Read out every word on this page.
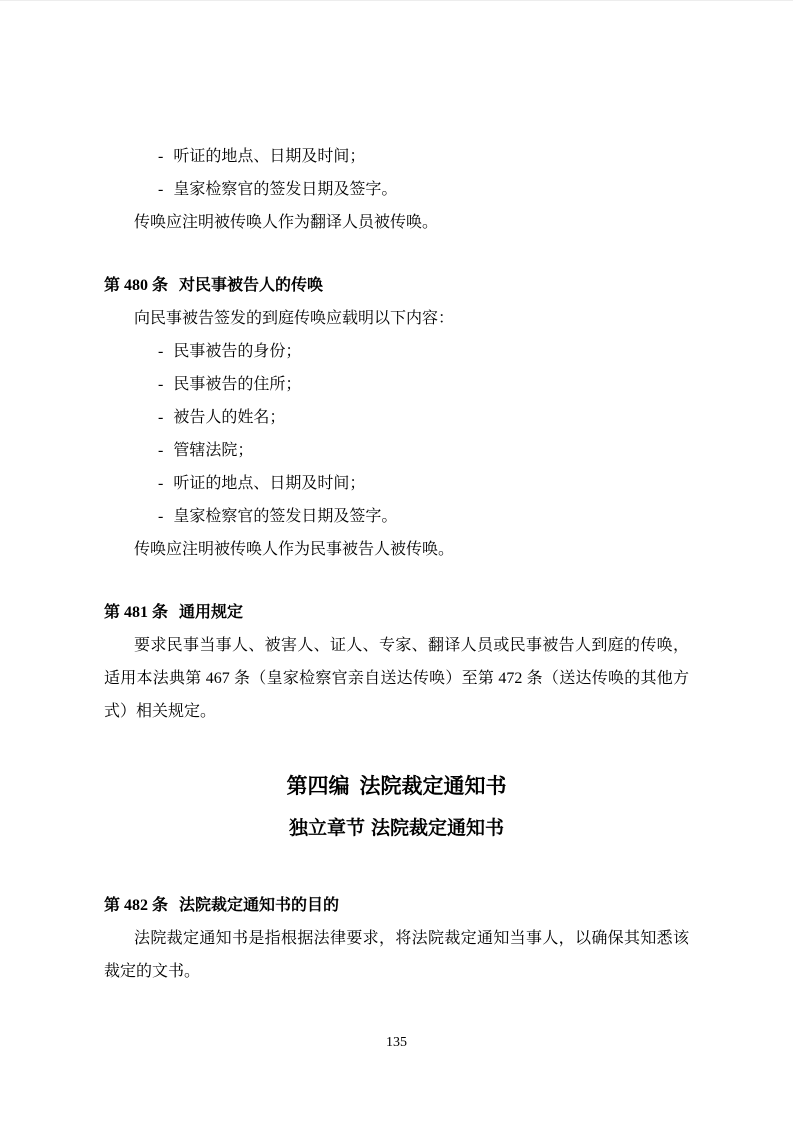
- 听证的地点、日期及时间；
- 皇家检察官的签发日期及签字。

传唤应注明被传唤人作为翻译人员被传唤。

第 480 条 对民事被告人的传唤

向民事被告签发的到庭传唤应载明以下内容：

- 民事被告的身份；
- 民事被告的住所；
- 被告人的姓名；
- 管辖法院；
- 听证的地点、日期及时间；
- 皇家检察官的签发日期及签字。

传唤应注明被传唤人作为民事被告人被传唤。

第 481 条 通用规定

要求民事当事人、被害人、证人、专家、翻译人员或民事被告人到庭的传唤，适用本法典第 467 条（皇家检察官亲自送达传唤）至第 472 条（送达传唤的其他方式）相关规定。

第四编 法院裁定通知书
独立章节 法院裁定通知书
第 482 条 法院裁定通知书的目的

法院裁定通知书是指根据法律要求，将法院裁定通知当事人，以确保其知悉该裁定的文书。

135
